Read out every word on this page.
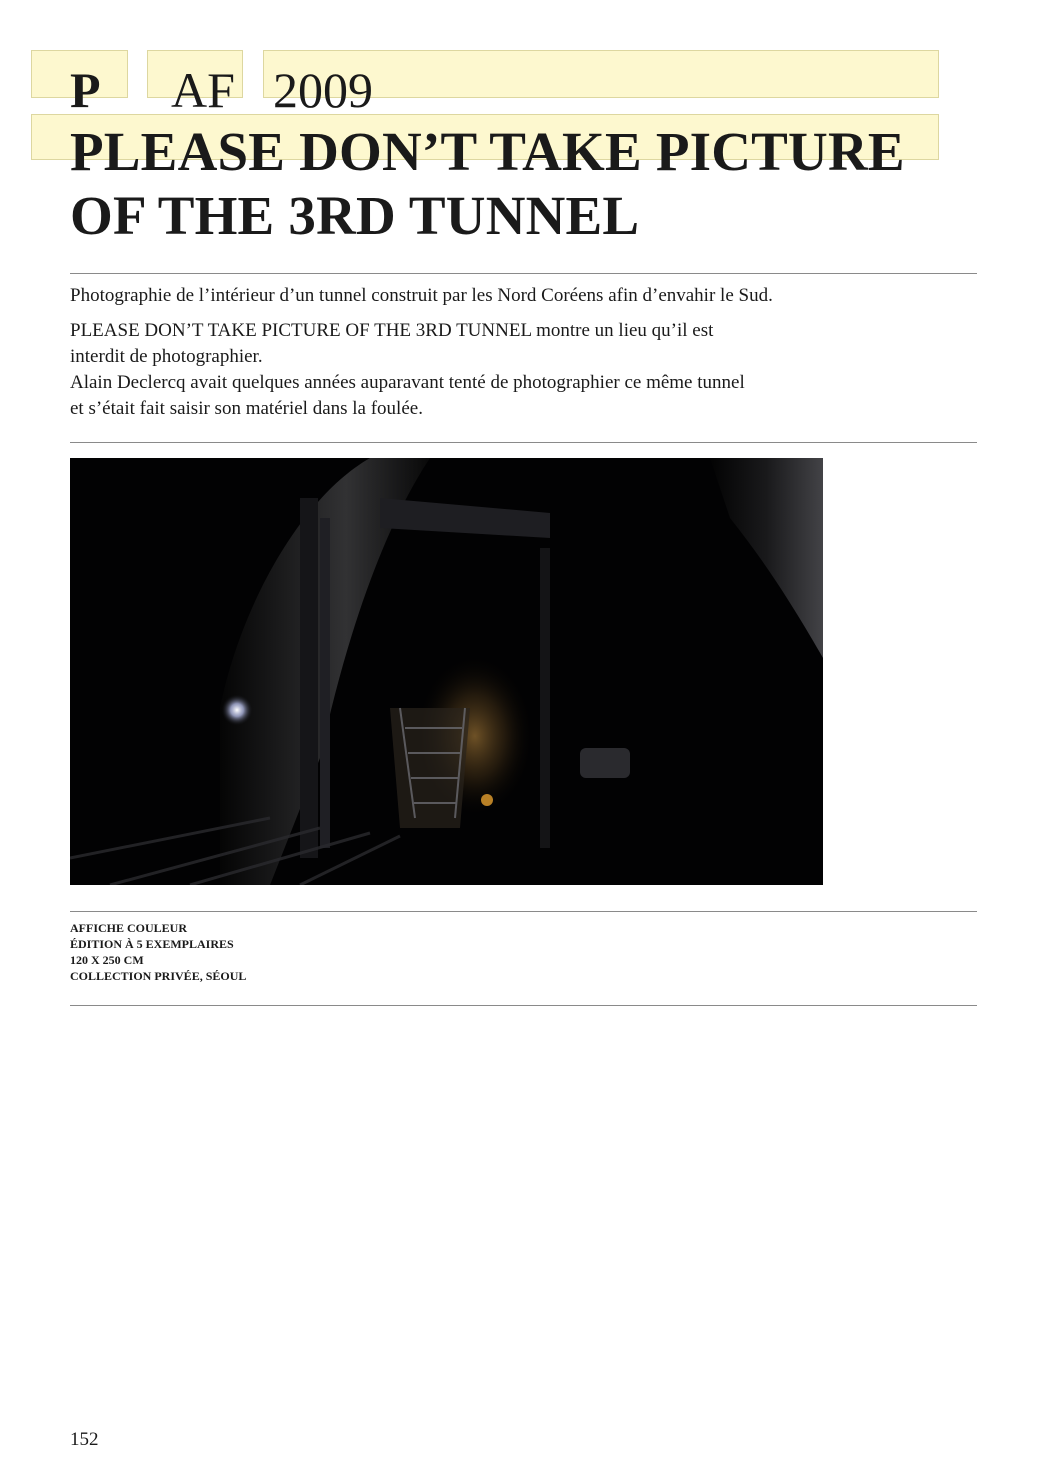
P AF 2009
PLEASE DON’T TAKE PICTURE
OF THE 3RD TUNNEL

Photographie de l’intérieur d’un tunnel construit par les Nord Coréens afin d’envahir le Sud.

PLEASE DON’T TAKE PICTURE OF THE 3RD TUNNEL montre un lieu qu’il est
interdit de photographier.
Alain Declercq avait quelques années auparavant tenté de photographier ce même tunnel
et s’était fait saisir son matériel dans la foulée.

AFFICHE COULEUR
ÉDITION À 5 EXEMPLAIRES
120 X 250 CM
COLLECTION PRIVÉE, SÉOUL
152
